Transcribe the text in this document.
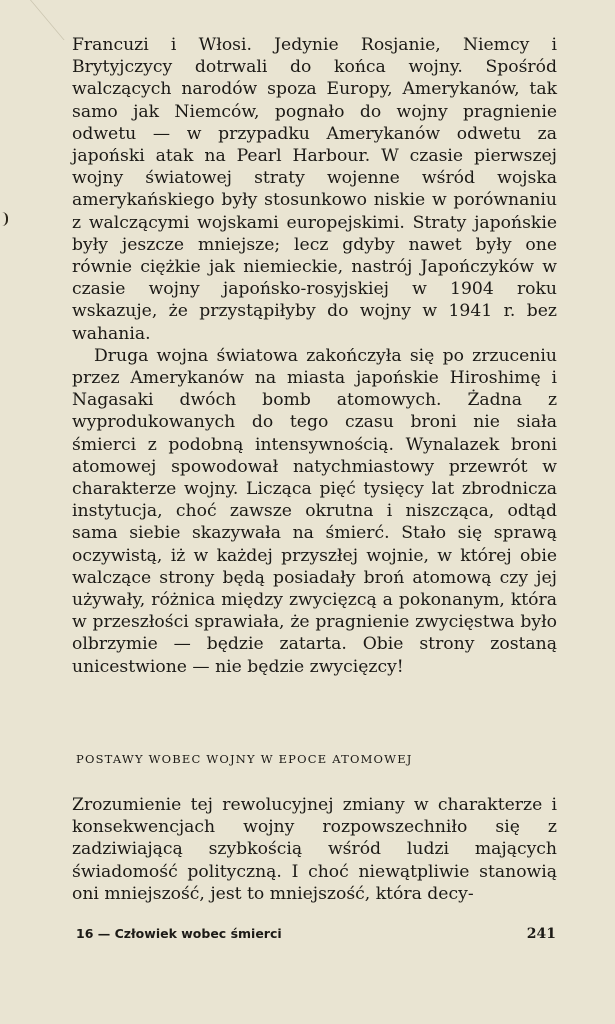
Francuzi i Włosi. Jedynie Rosjanie, Niemcy i Brytyjczycy dotrwali do końca wojny. Spośród walczących narodów spoza Europy, Amerykanów, tak samo jak Niemców, pognało do wojny pragnienie odwetu — w przypadku Amerykanów odwetu za japoński atak na Pearl Harbour. W czasie pierwszej wojny światowej straty wojenne wśród wojska amerykańskiego były stosunkowo niskie w porównaniu z walczącymi wojskami europejskimi. Straty japońskie były jeszcze mniejsze; lecz gdyby nawet były one równie ciężkie jak niemieckie, nastrój Japończyków w czasie wojny japońsko-rosyjskiej w 1904 roku wskazuje, że przystąpiłyby do wojny w 1941 r. bez wahania.

Druga wojna światowa zakończyła się po zrzuceniu przez Amerykanów na miasta japońskie Hiroshimę i Nagasaki dwóch bomb atomowych. Żadna z wyprodukowanych do tego czasu broni nie siała śmierci z podobną intensywnością. Wynalazek broni atomowej spowodował natychmiastowy przewrót w charakterze wojny. Licząca pięć tysięcy lat zbrodnicza instytucja, choć zawsze okrutna i niszcząca, odtąd sama siebie skazywała na śmierć. Stało się sprawą oczywistą, iż w każdej przyszłej wojnie, w której obie walczące strony będą posiadały broń atomową czy jej używały, różnica między zwycięzcą a pokonanym, która w przeszłości sprawiała, że pragnienie zwycięstwa było olbrzymie — będzie zatarta. Obie strony zostaną unicestwione — nie będzie zwycięzcy!

POSTAWY WOBEC WOJNY W EPOCE ATOMOWEJ

Zrozumienie tej rewolucyjnej zmiany w charakterze i konsekwencjach wojny rozpowszechniło się z zadziwiającą szybkością wśród ludzi mających świadomość polityczną. I choć niewątpliwie stanowią oni mniejszość, jest to mniejszość, która decy-

16 — Człowiek wobec śmierci	241
